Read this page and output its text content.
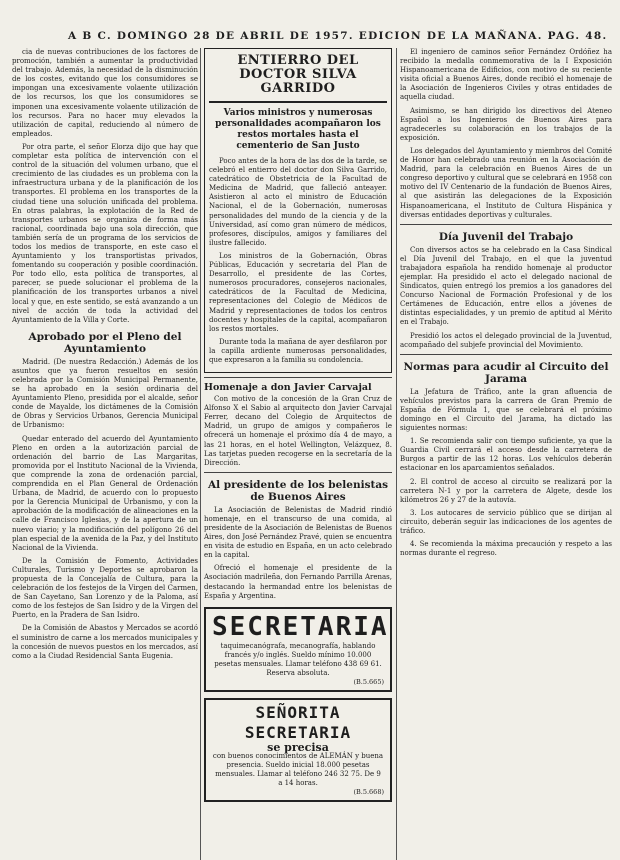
A B C. DOMINGO 28 DE ABRIL DE 1957. EDICION DE LA MAÑANA. PAG. 48.

cia de nuevas contribuciones de los factores de promoción, también a aumentar la productividad del trabajo. Además, la necesidad de la disminución de los costes, evitando que los consumidores se impongan una excesivamente volaente utilización de los recursos, los que los consumidores se imponen una excesivamente volaente utilización de los recursos. Para no hacer muy elevados la utilización de capital, reduciendo al número de empleados.

Por otra parte, el señor Elorza dijo que hay que completar esta política de intervención con el control de la situación del volumen urbano, que el crecimiento de las ciudades es un problema con la infraestructura urbana y de la planificación de los transportes. El problema en los transportes de la ciudad tiene una solución unificada del problema. En otras palabras, la explotación de la Red de transportes urbanos se organiza de forma más racional, coordinada bajo una sola dirección, que también sería de un programa de los servicios de todos los medios de transporte, en este caso el Ayuntamiento y los transportistas privados, fomentando su cooperación y posible coordinación. Por todo ello, esta política de transportes, al parecer, se puede solucionar el problema de la planificación de los transportes urbanos a nivel local y que, en este sentido, se está avanzando a un nivel de acción de toda la actividad del Ayuntamiento de la Villa y Corte.

Aprobado por el Pleno del Ayuntamiento

Madrid. (De nuestra Redacción.) Además de los asuntos que ya fueron resueltos en sesión celebrada por la Comisión Municipal Permanente, se ha aprobado en la sesión ordinaria del Ayuntamiento Pleno, presidida por el alcalde, señor conde de Mayalde, los dictámenes de la Comisión de Obras y Servicios Urbanos, Gerencia Municipal de Urbanismo:

Quedar enterado del acuerdo del Ayuntamiento Pleno en orden a la autorización parcial de ordenación del barrio de Las Margaritas, promovida por el Instituto Nacional de la Vivienda, que comprende la zona de ordenación parcial, comprendida en el Plan General de Ordenación Urbana, de Madrid, de acuerdo con lo propuesto por la Gerencia Municipal de Urbanismo, y con la aprobación de la modificación de alineaciones en la calle de Francisco Iglesias, y de la apertura de un nuevo viario; y la modificación del polígono 26 del plan especial de la avenida de la Paz, y del Instituto Nacional de la Vivienda.

De la Comisión de Fomento, Actividades Culturales, Turismo y Deportes se aprobaron la propuesta de la Concejalía de Cultura, para la celebración de los festejos de la Virgen del Carmen, de San Cayetano, San Lorenzo y de la Paloma, así como de los festejos de San Isidro y de la Virgen del Puerto, en la Pradera de San Isidro.

De la Comisión de Abastos y Mercados se acordó el suministro de carne a los mercados municipales y la concesión de nuevos puestos en los mercados, así como a la Ciudad Residencial Santa Eugenia.

ENTIERRO DEL DOCTOR SILVA GARRIDO
Varios ministros y numerosas personalidades acompañaron los restos mortales hasta el cementerio de San Justo

Poco antes de la hora de las dos de la tarde, se celebró el entierro del doctor don Silva Garrido, catedrático de Obstetricia de la Facultad de Medicina de Madrid, que falleció anteayer. Asistieron al acto el ministro de Educación Nacional, el de la Gobernación, numerosas personalidades del mundo de la ciencia y de la Universidad, así como gran número de médicos, profesores, discípulos, amigos y familiares del ilustre fallecido.

Los ministros de la Gobernación, Obras Públicas, Educación y secretaria del Plan de Desarrollo, el presidente de las Cortes, numerosos procuradores, consejeros nacionales, catedráticos de la Facultad de Medicina, representaciones del Colegio de Médicos de Madrid y representaciones de todos los centros docentes y hospitales de la capital, acompañaron los restos mortales.

Durante toda la mañana de ayer desfilaron por la capilla ardiente numerosas personalidades, que expresaron a la familia su condolencia.

Homenaje a don Javier Carvajal

Con motivo de la concesión de la Gran Cruz de Alfonso X el Sabio al arquitecto don Javier Carvajal Ferrer, decano del Colegio de Arquitectos de Madrid, un grupo de amigos y compañeros le ofrecerá un homenaje el próximo día 4 de mayo, a las 21 horas, en el hotel Wellington, Velázquez, 8. Las tarjetas pueden recogerse en la secretaría de la Dirección.

Al presidente de los belenistas de Buenos Aires

La Asociación de Belenistas de Madrid rindió homenaje, en el transcurso de una comida, al presidente de la Asociación de Belenistas de Buenos Aires, don José Pernández Pravé, quien se encuentra en visita de estudio en España, en un acto celebrado en la capital.

Ofreció el homenaje el presidente de la Asociación madrileña, don Fernando Parrilla Arenas, destacando la hermandad entre los belenistas de España y Argentina.

SECRETARIA
taquimecanógrafa, mecanografía, hablando francés y/o inglés. Sueldo mínimo 10.000 pesetas mensuales. Llamar teléfono 438 69 61. Reserva absoluta.
(B.5.665)
SEÑORITA SECRETARIA
se precisa
con buenos conocimientos de ALEMÁN y buena presencia. Sueldo inicial 18.000 pesetas mensuales. Llamar al teléfono 246 32 75. De 9 a 14 horas.
(B.5.668)

El ingeniero de caminos señor Fernández Ordóñez ha recibido la medalla conmemorativa de la I Exposición Hispanoamericana de Edificios, con motivo de su reciente visita oficial a Buenos Aires, donde recibió el homenaje de la Asociación de Ingenieros Civiles y otras entidades de aquella ciudad.

Asimismo, se han dirigido los directivos del Ateneo Español a los Ingenieros de Buenos Aires para agradecerles su colaboración en los trabajos de la exposición.

Los delegados del Ayuntamiento y miembros del Comité de Honor han celebrado una reunión en la Asociación de Madrid, para la celebración en Buenos Aires de un congreso deportivo y cultural que se celebrará en 1958 con motivo del IV Centenario de la fundación de Buenos Aires, al que asistirán las delegaciones de la Exposición Hispanoamericana, el Instituto de Cultura Hispánica y diversas entidades deportivas y culturales.

Día Juvenil del Trabajo

Con diversos actos se ha celebrado en la Casa Sindical el Día Juvenil del Trabajo, en el que la juventud trabajadora española ha rendido homenaje al productor ejemplar. Ha presidido el acto el delegado nacional de Sindicatos, quien entregó los premios a los ganadores del Concurso Nacional de Formación Profesional y de los Certámenes de Educación, entre ellos a jóvenes de distintas especialidades, y un premio de aptitud al Mérito en el Trabajo.

Presidió los actos el delegado provincial de la Juventud, acompañado del subjefe provincial del Movimiento.

Normas para acudir al Circuito del Jarama

La Jefatura de Tráfico, ante la gran afluencia de vehículos previstos para la carrera de Gran Premio de España de Fórmula 1, que se celebrará el próximo domingo en el Circuito del Jarama, ha dictado las siguientes normas:

1. Se recomienda salir con tiempo suficiente, ya que la Guardia Civil cerrará el acceso desde la carretera de Burgos a partir de las 12 horas. Los vehículos deberán estacionar en los aparcamientos señalados.

2. El control de acceso al circuito se realizará por la carretera N-1 y por la carretera de Algete, desde los kilómetros 26 y 27 de la autovía.

3. Los autocares de servicio público que se dirijan al circuito, deberán seguir las indicaciones de los agentes de tráfico.

4. Se recomienda la máxima precaución y respeto a las normas durante el regreso.
